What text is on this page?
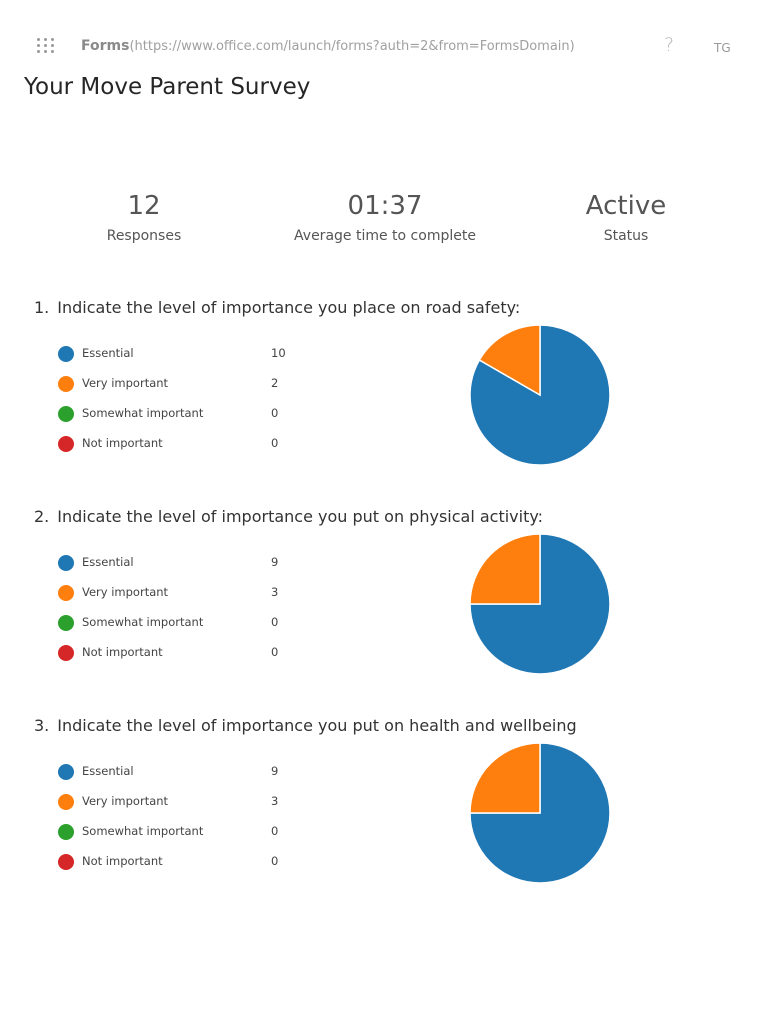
Forms(https://www.office.com/launch/forms?auth=2&from=FormsDomain)	?	TG
Your Move Parent Survey
12
Responses
01:37
Average time to complete
Active
Status
1. Indicate the level of importance you place on road safety:
Essential	10
Very important	2
Somewhat important	0
Not important	0
2. Indicate the level of importance you put on physical activity:
Essential	9
Very important	3
Somewhat important	0
Not important	0
3. Indicate the level of importance you put on health and wellbeing
Essential	9
Very important	3
Somewhat important	0
Not important	0
